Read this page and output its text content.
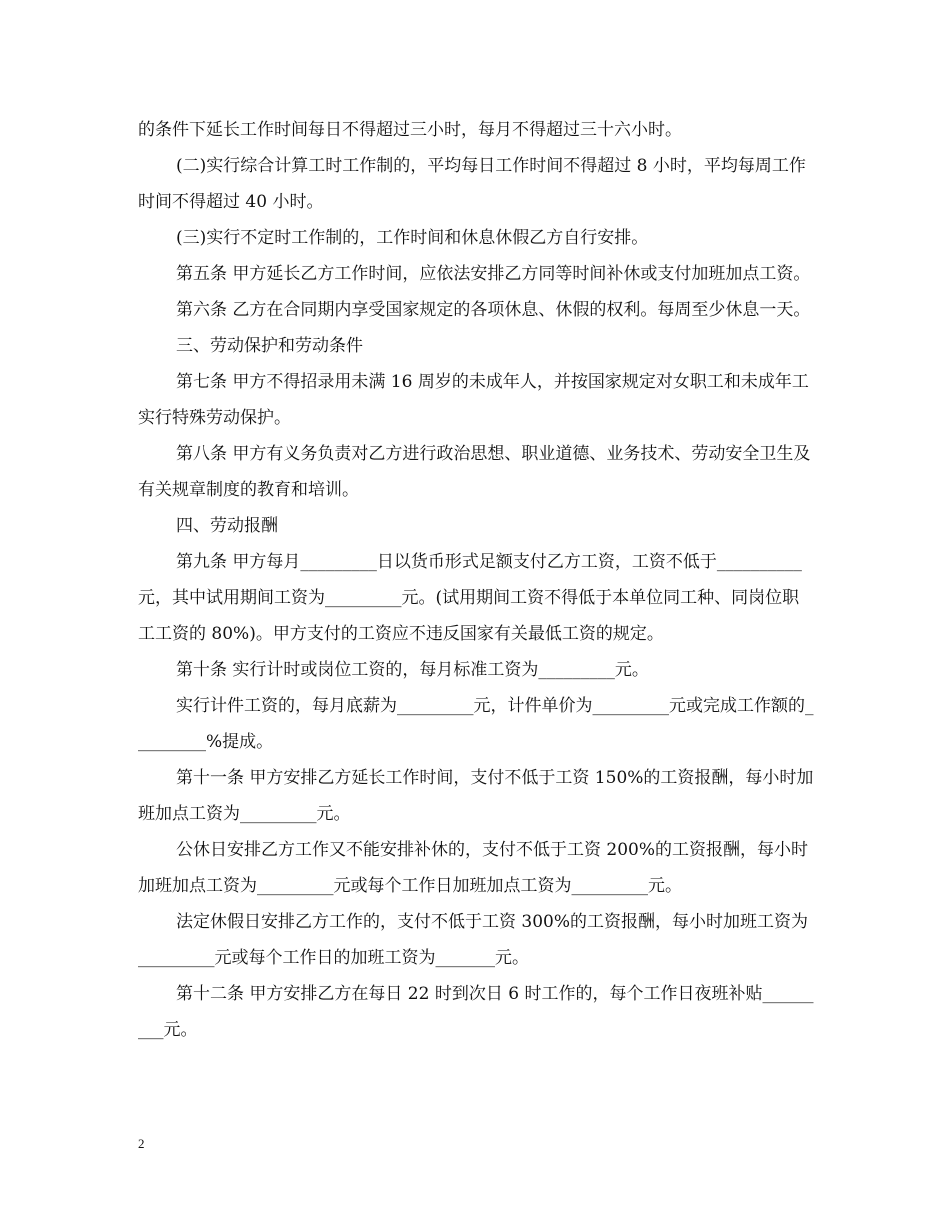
的条件下延长工作时间每日不得超过三小时，每月不得超过三十六小时。

(二)实行综合计算工时工作制的，平均每日工作时间不得超过 8 小时，平均每周工作时间不得超过 40 小时。

(三)实行不定时工作制的，工作时间和休息休假乙方自行安排。

第五条 甲方延长乙方工作时间，应依法安排乙方同等时间补休或支付加班加点工资。

第六条 乙方在合同期内享受国家规定的各项休息、休假的权利。每周至少休息一天。

三、劳动保护和劳动条件

第七条 甲方不得招录用未满 16 周岁的未成年人，并按国家规定对女职工和未成年工实行特殊劳动保护。

第八条 甲方有义务负责对乙方进行政治思想、职业道德、业务技术、劳动安全卫生及有关规章制度的教育和培训。

四、劳动报酬

第九条 甲方每月_________日以货币形式足额支付乙方工资，工资不低于__________元，其中试用期间工资为_________元。(试用期间工资不得低于本单位同工种、同岗位职工工资的 80%)。甲方支付的工资应不违反国家有关最低工资的规定。

第十条 实行计时或岗位工资的，每月标准工资为_________元。

实行计件工资的，每月底薪为_________元，计件单价为_________元或完成工作额的_________%提成。

第十一条 甲方安排乙方延长工作时间，支付不低于工资 150%的工资报酬，每小时加班加点工资为_________元。

公休日安排乙方工作又不能安排补休的，支付不低于工资 200%的工资报酬，每小时加班加点工资为_________元或每个工作日加班加点工资为_________元。

法定休假日安排乙方工作的，支付不低于工资 300%的工资报酬，每小时加班工资为_________元或每个工作日的加班工资为_______元。

第十二条 甲方安排乙方在每日 22 时到次日 6 时工作的，每个工作日夜班补贴_________元。

2
